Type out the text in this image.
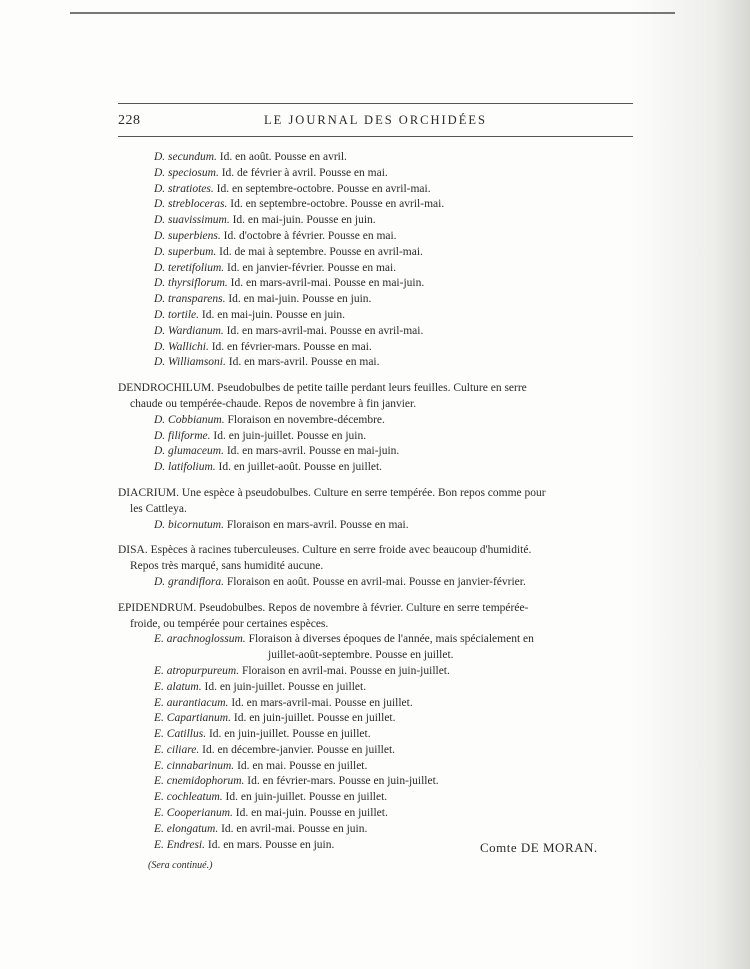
228	LE JOURNAL DES ORCHIDÉES
D. secundum. Id. en août. Pousse en avril.
D. speciosum. Id. de février à avril. Pousse en mai.
D. stratiotes. Id. en septembre-octobre. Pousse en avril-mai.
D. strebloceras. Id. en septembre-octobre. Pousse en avril-mai.
D. suavissimum. Id. en mai-juin. Pousse en juin.
D. superbiens. Id. d'octobre à février. Pousse en mai.
D. superbum. Id. de mai à septembre. Pousse en avril-mai.
D. teretifolium. Id. en janvier-février. Pousse en mai.
D. thyrsiflorum. Id. en mars-avril-mai. Pousse en mai-juin.
D. transparens. Id. en mai-juin. Pousse en juin.
D. tortile. Id. en mai-juin. Pousse en juin.
D. Wardianum. Id. en mars-avril-mai. Pousse en avril-mai.
D. Wallichi. Id. en février-mars. Pousse en mai.
D. Williamsoni. Id. en mars-avril. Pousse en mai.
DENDROCHILUM. Pseudobulbes de petite taille perdant leurs feuilles. Culture en serre
chaude ou tempérée-chaude. Repos de novembre à fin janvier.
D. Cobbianum. Floraison en novembre-décembre.
D. filiforme. Id. en juin-juillet. Pousse en juin.
D. glumaceum. Id. en mars-avril. Pousse en mai-juin.
D. latifolium. Id. en juillet-août. Pousse en juillet.
DIACRIUM. Une espèce à pseudobulbes. Culture en serre tempérée. Bon repos comme pour
les Cattleya.
D. bicornutum. Floraison en mars-avril. Pousse en mai.
DISA. Espèces à racines tuberculeuses. Culture en serre froide avec beaucoup d'humidité.
Repos très marqué, sans humidité aucune.
D. grandiflora. Floraison en août. Pousse en avril-mai. Pousse en janvier-février.
EPIDENDRUM. Pseudobulbes. Repos de novembre à février. Culture en serre tempérée-
froide, ou tempérée pour certaines espèces.
E. arachnoglossum. Floraison à diverses époques de l'année, mais spécialement en
juillet-août-septembre. Pousse en juillet.
E. atropurpureum. Floraison en avril-mai. Pousse en juin-juillet.
E. alatum. Id. en juin-juillet. Pousse en juillet.
E. aurantiacum. Id. en mars-avril-mai. Pousse en juillet.
E. Capartianum. Id. en juin-juillet. Pousse en juillet.
E. Catillus. Id. en juin-juillet. Pousse en juillet.
E. ciliare. Id. en décembre-janvier. Pousse en juillet.
E. cinnabarinum. Id. en mai. Pousse en juillet.
E. cnemidophorum. Id. en février-mars. Pousse en juin-juillet.
E. cochleatum. Id. en juin-juillet. Pousse en juillet.
E. Cooperianum. Id. en mai-juin. Pousse en juillet.
E. elongatum. Id. en avril-mai. Pousse en juin.
E. Endresi. Id. en mars. Pousse en juin.	Comte DE MORAN.
(Sera continué.)
